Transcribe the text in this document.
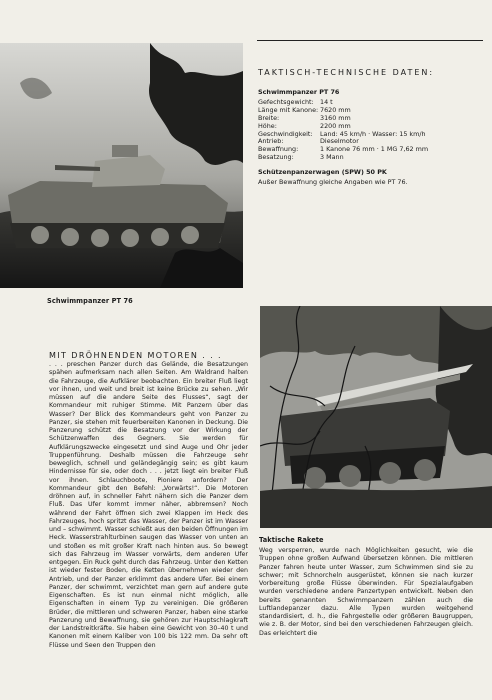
Schwimmpanzer PT 76
TAKTISCH-TECHNISCHE DATEN:
Schwimmpanzer PT 76
Gefechtsgewicht: 14 t
Länge mit Kanone: 7620 mm
Breite:	3160 mm
Höhe:	2200 mm
Geschwindigkeit:	Land: 45 km/h · Wasser: 15 km/h
Antrieb:	Dieselmotor
Bewaffnung:	1 Kanone 76 mm · 1 MG 7,62 mm
Besatzung:	3 Mann
Schützenpanzerwagen (SPW) 50 PK
Außer Bewaffnung gleiche Angaben wie PT 76.
Taktische Rakete
MIT DRÖHNENDEN MOTOREN . . .

. . . preschen Panzer durch das Gelände, die Besatzungen spähen aufmerksam nach allen Seiten. Am Waldrand halten die Fahrzeuge, die Aufklärer beobachten. Ein breiter Fluß liegt vor ihnen, und weit und breit ist keine Brücke zu sehen. „Wir müssen auf die andere Seite des Flusses“, sagt der Kommandeur mit ruhiger Stimme. Mit Panzern über das Wasser? Der Blick des Kommandeurs geht von Panzer zu Panzer, sie stehen mit feuerbereiten Kanonen in Deckung. Die Panzerung schützt die Besatzung vor der Wirkung der Schützenwaffen des Gegners. Sie werden für Aufklärungszwecke eingesetzt und sind Auge und Ohr jeder Truppenführung. Deshalb müssen die Fahrzeuge sehr beweglich, schnell und geländegängig sein; es gibt kaum Hindernisse für sie, oder doch . . . jetzt liegt ein breiter Fluß vor ihnen. Schlauchboote, Pioniere anfordern? Der Kommandeur gibt den Befehl: „Vorwärts!“. Die Motoren dröhnen auf, in schneller Fahrt nähern sich die Panzer dem Fluß. Das Ufer kommt immer näher, abbremsen? Noch während der Fahrt öffnen sich zwei Klappen im Heck des Fahrzeuges, hoch spritzt das Wasser, der Panzer ist im Wasser und – schwimmt. Wasser schießt aus den beiden Öffnungen im Heck. Wasserstrahlturbinen saugen das Wasser von unten an und stoßen es mit großer Kraft nach hinten aus. So bewegt sich das Fahrzeug im Wasser vorwärts, dem anderen Ufer entgegen. Ein Ruck geht durch das Fahrzeug. Unter den Ketten ist wieder fester Boden, die Ketten übernehmen wieder den Antrieb, und der Panzer erklimmt das andere Ufer. Bei einem Panzer, der schwimmt, verzichtet man gern auf andere gute Eigenschaften. Es ist nun einmal nicht möglich, alle Eigenschaften in einem Typ zu vereinigen. Die größeren Brüder, die mittleren und schweren Panzer, haben eine starke Panzerung und Bewaffnung, sie gehören zur Hauptschlagkraft der Landstreitkräfte. Sie haben eine Gewicht von 30–40 t und Kanonen mit einem Kaliber von 100 bis 122 mm. Da sehr oft Flüsse und Seen den Truppen den

Weg versperren, wurde nach Möglichkeiten gesucht, wie die Truppen ohne großen Aufwand übersetzen können. Die mittleren Panzer fahren heute unter Wasser, zum Schwimmen sind sie zu schwer; mit Schnorcheln ausgerüstet, können sie nach kurzer Vorbereitung große Flüsse überwinden. Für Spezialaufgaben wurden verschiedene andere Panzertypen entwickelt. Neben den bereits genannten Schwimmpanzern zählen auch die Luftlandepanzer dazu. Alle Typen wurden weitgehend standardisiert, d. h., die Fahrgestelle oder größeren Baugruppen, wie z. B. der Motor, sind bei den verschiedenen Fahrzeugen gleich. Das erleichtert die
